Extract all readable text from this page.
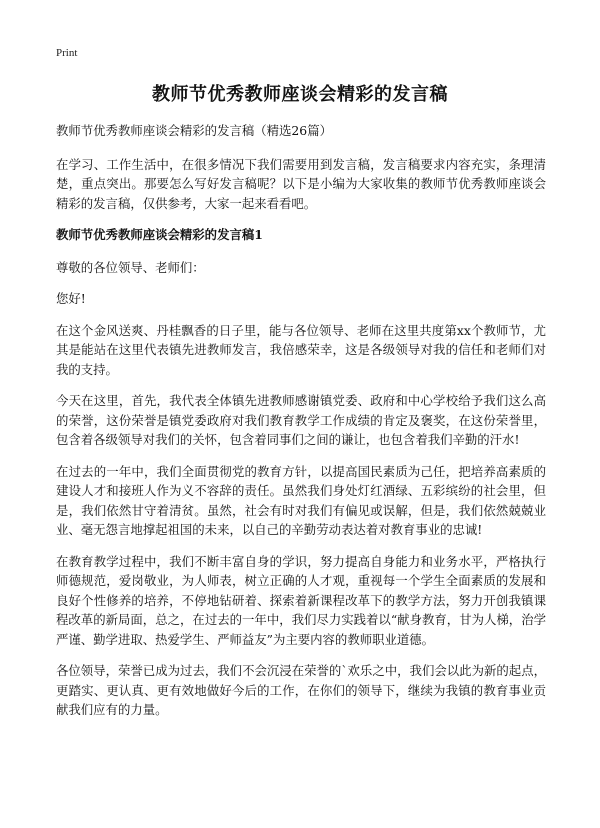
Print
教师节优秀教师座谈会精彩的发言稿

教师节优秀教师座谈会精彩的发言稿（精选26篇）

在学习、工作生活中，在很多情况下我们需要用到发言稿，发言稿要求内容充实，条理清楚，重点突出。那要怎么写好发言稿呢？以下是小编为大家收集的教师节优秀教师座谈会精彩的发言稿，仅供参考，大家一起来看看吧。

教师节优秀教师座谈会精彩的发言稿1

尊敬的各位领导、老师们：

您好!

在这个金风送爽、丹桂飘香的日子里，能与各位领导、老师在这里共度第xx个教师节，尤其是能站在这里代表镇先进教师发言，我倍感荣幸，这是各级领导对我的信任和老师们对我的支持。

今天在这里，首先，我代表全体镇先进教师感谢镇党委、政府和中心学校给予我们这么高的荣誉，这份荣誉是镇党委政府对我们教育教学工作成绩的肯定及褒奖，在这份荣誉里，包含着各级领导对我们的关怀，包含着同事们之间的谦让，也包含着我们辛勤的汗水!

在过去的一年中，我们全面贯彻党的教育方针，以提高国民素质为己任，把培养高素质的建设人才和接班人作为义不容辞的责任。虽然我们身处灯红酒绿、五彩缤纷的社会里，但是，我们依然甘守着清贫。虽然，社会有时对我们有偏见或误解，但是，我们依然兢兢业业、毫无怨言地撑起祖国的未来，以自己的辛勤劳动表达着对教育事业的忠诚!

在教育教学过程中，我们不断丰富自身的学识，努力提高自身能力和业务水平，严格执行师德规范，爱岗敬业，为人师表，树立正确的人才观，重视每一个学生全面素质的发展和良好个性修养的培养，不停地钻研着、探索着新课程改革下的教学方法，努力开创我镇课程改革的新局面，总之，在过去的一年中，我们尽力实践着以“献身教育，甘为人梯，治学严谨、勤学进取、热爱学生、严师益友”为主要内容的教师职业道德。

各位领导，荣誉已成为过去，我们不会沉浸在荣誉的`欢乐之中，我们会以此为新的起点，更踏实、更认真、更有效地做好今后的工作，在你们的领导下，继续为我镇的教育事业贡献我们应有的力量。
